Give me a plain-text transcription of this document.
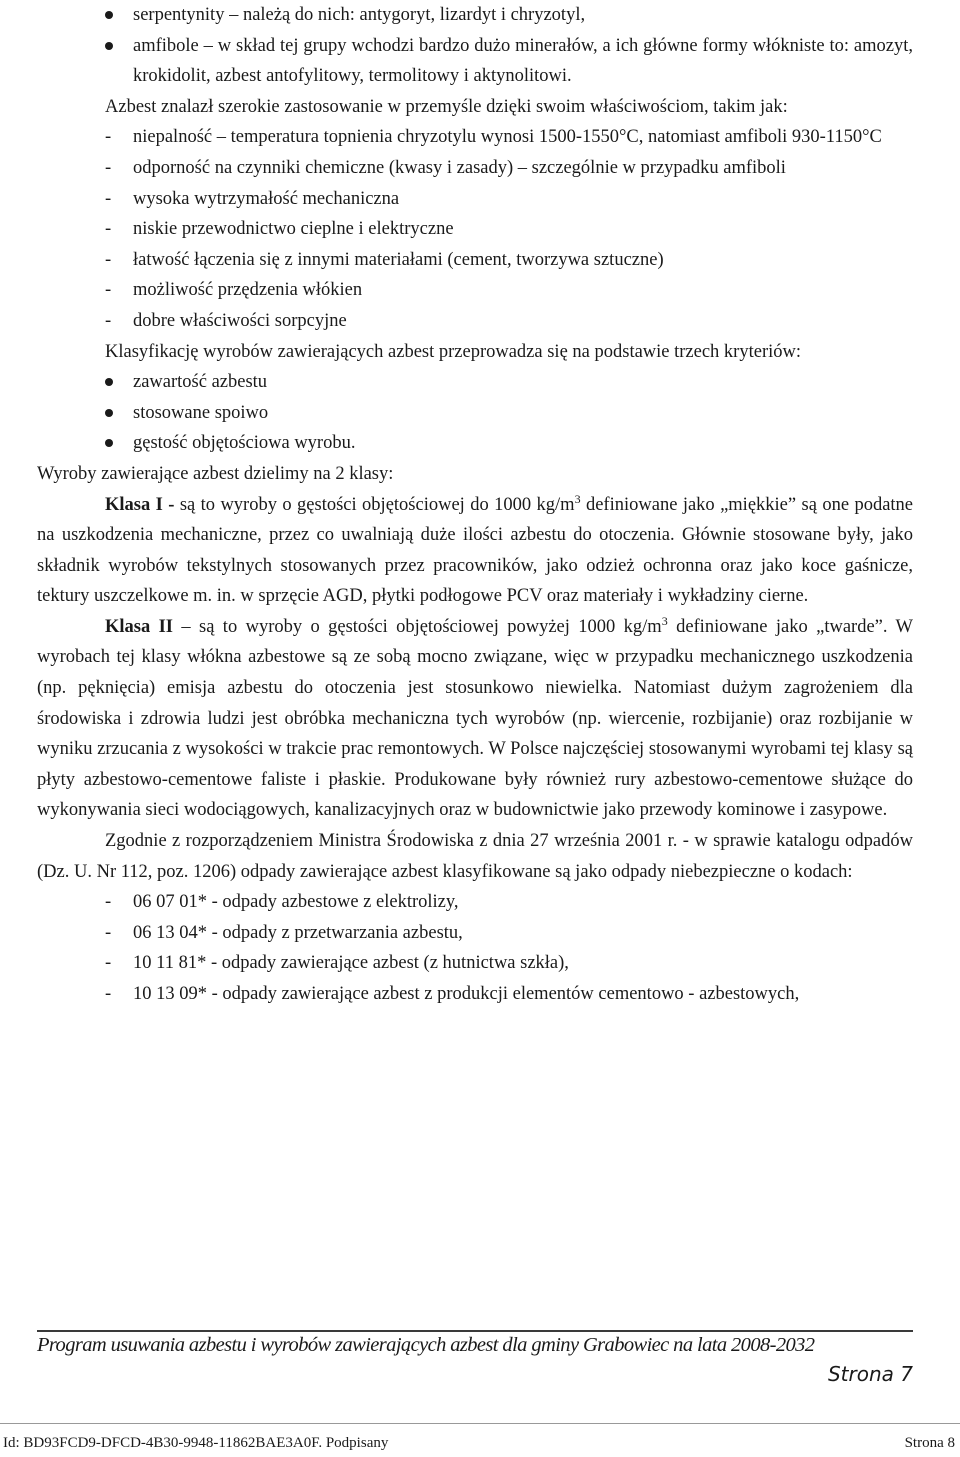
serpentynity – należą do nich: antygoryt, lizardyt i chryzotyl,
amfibole – w skład tej grupy wchodzi bardzo dużo minerałów, a ich główne formy włókniste to: amozyt, krokidolit, azbest antofylitowy, termolitowy i aktynolitowi.

Azbest znalazł szerokie zastosowanie w przemyśle dzięki swoim właściwościom, takim jak:

- niepalność – temperatura topnienia chryzotylu wynosi 1500-1550°C, natomiast amfiboli 930-1150°C
- odporność na czynniki chemiczne (kwasy i zasady) – szczególnie w przypadku amfiboli
- wysoka wytrzymałość mechaniczna
- niskie przewodnictwo cieplne i elektryczne
- łatwość łączenia się z innymi materiałami (cement, tworzywa sztuczne)
- możliwość przędzenia włókien
- dobre właściwości sorpcyjne

Klasyfikację wyrobów zawierających azbest przeprowadza się na podstawie trzech kryteriów:

zawartość azbestu
stosowane spoiwo
gęstość objętościowa wyrobu.

Wyroby zawierające azbest dzielimy na 2 klasy:

Klasa I - są to wyroby o gęstości objętościowej do 1000 $kg/m^3$ definiowane jako „miękkie” są one podatne na uszkodzenia mechaniczne, przez co uwalniają duże ilości azbestu do otoczenia. Głównie stosowane były, jako składnik wyrobów tekstylnych stosowanych przez pracowników, jako odzież ochronna oraz jako koce gaśnicze, tektury uszczelkowe m. in. w sprzęcie AGD, płytki podłogowe PCV oraz materiały i wykładziny cierne.

Klasa II – są to wyroby o gęstości objętościowej powyżej 1000 $kg/m^3$ definiowane jako „twarde”. W wyrobach tej klasy włókna azbestowe są ze sobą mocno związane, więc w przypadku mechanicznego uszkodzenia (np. pęknięcia) emisja azbestu do otoczenia jest stosunkowo niewielka. Natomiast dużym zagrożeniem dla środowiska i zdrowia ludzi jest obróbka mechaniczna tych wyrobów (np. wiercenie, rozbijanie) oraz rozbijanie w wyniku zrzucania z wysokości w trakcie prac remontowych. W Polsce najczęściej stosowanymi wyrobami tej klasy są płyty azbestowo-cementowe faliste i płaskie. Produkowane były również rury azbestowo-cementowe służące do wykonywania sieci wodociągowych, kanalizacyjnych oraz w budownictwie jako przewody kominowe i zasypowe.

Zgodnie z rozporządzeniem Ministra Środowiska z dnia 27 września 2001 r. - w sprawie katalogu odpadów (Dz. U. Nr 112, poz. 1206) odpady zawierające azbest klasyfikowane są jako odpady niebezpieczne o kodach:

- 06 07 01* - odpady azbestowe z elektrolizy,
- 06 13 04* - odpady z przetwarzania azbestu,
- 10 11 81* - odpady zawierające azbest (z hutnictwa szkła),
- 10 13 09* - odpady zawierające azbest z produkcji elementów cementowo - azbestowych,
Program usuwania azbestu i wyrobów zawierających azbest dla gminy Grabowiec na lata 2008-2032
Strona 7
Id: BD93FCD9-DFCD-4B30-9948-11862BAE3A0F. Podpisany	Strona 8
